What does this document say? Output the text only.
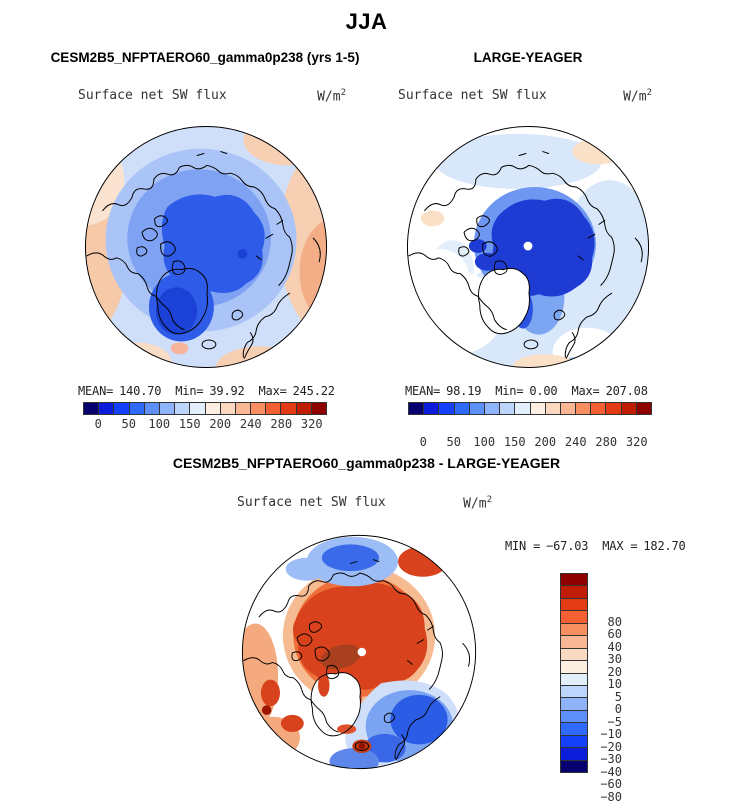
JJA
CESM2B5_NFPTAERO60_gamma0p238 (yrs 1-5)	LARGE-YEAGER
Surface net SW flux	$W/m^2$	Surface net SW flux	$W/m^2$
MEAN= 140.70 Min= 39.92 Max= 245.22	MEAN= 98.19 Min= 0.00 Max= 207.08
0 50 100 150 200 240 280 320
0 50 100 150 200 240 280 320
CESM2B5_NFPTAERO60_gamma0p238 - LARGE-YEAGER
Surface net SW flux	$W/m^2$
MIN = −67.03 MAX = 182.70
80
60
40
30
20
10
5
0
−5
−10
−20
−30
−40
−60
−80
